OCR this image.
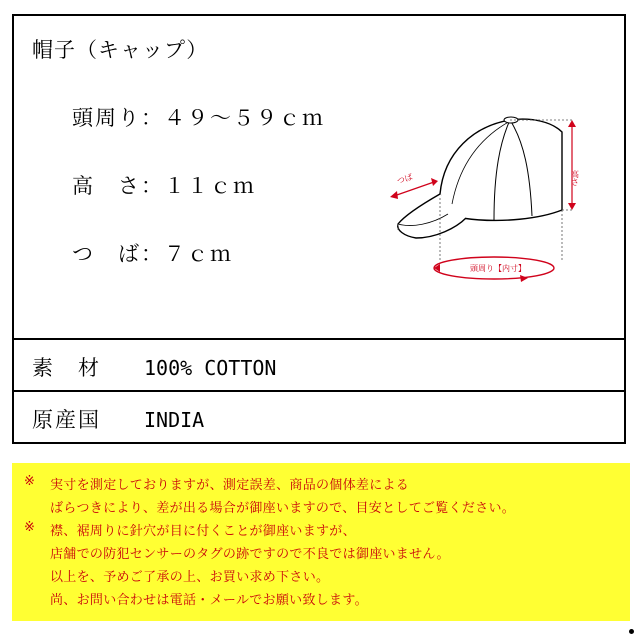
帽子（キャップ）
頭周り：４９～５９ｃｍ
高　さ：１１ｃｍ
つ　ば：７ｃｍ
高さ
つば
頭周り【内寸】
素　材 100% COTTON
原産国 INDIA
※
※
実寸を測定しておりますが、測定誤差、商品の個体差による
ばらつきにより、差が出る場合が御座いますので、目安としてご覧ください。
襟、裾周りに針穴が目に付くことが御座いますが、
店舗での防犯センサーのタグの跡ですので不良では御座いません。
以上を、予めご了承の上、お買い求め下さい。
尚、お問い合わせは電話・メールでお願い致します。
